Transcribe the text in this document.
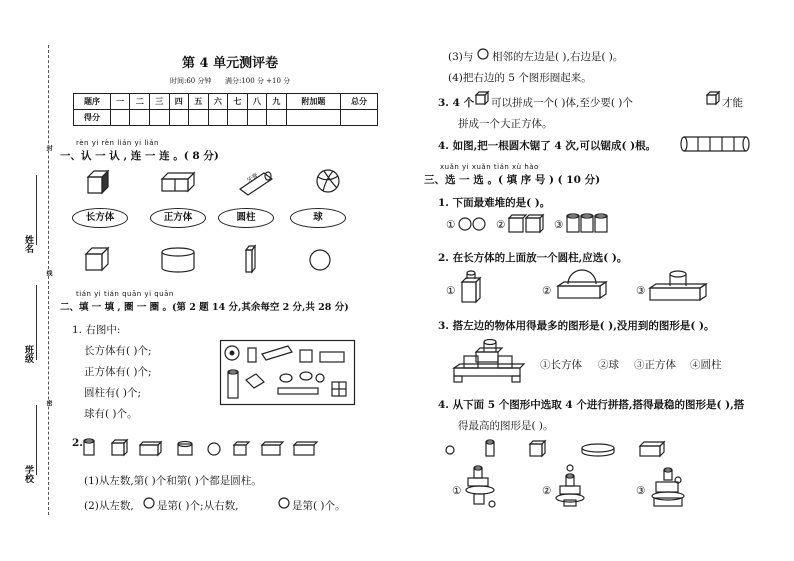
姓名
班级
学校
封
线
密
第 4 单元测评卷
时间:60 分钟 满分:100 分 +10 分
题序	一	二	三	四	五	六	七	八	九	附加题	总分
得分											
rèn yi rèn lián yi lián
一、认 一 认 , 连 一 连 。( 8 分)
牙膏
长方体	正方体	圆柱	球
tián yi tián quān yi quān
二、填 一 填 , 圈 一 圈 。(第 2 题 14 分,其余每空 2 分,共 28 分)
1. 右图中:
长方体有( )个;
正方体有( )个;
圆柱有( )个;
球有( )个。
2.
(1)从左数,第( )个和第( )个都是圆柱。
(2)从左数, 是第( )个;从右数,	是第( )个。
(3)与 相邻的左边是( ),右边是( )。
(4)把右边的 5 个图形圈起来。
3. 4 个 可以拼成一个( )体,至少要( )个	才能
拼成一个大正方体。
4. 如图,把一根圆木锯了 4 次,可以锯成( )根。
xuǎn yi xuǎn tián xù hào
三、选 一 选 。( 填 序 号 ) ( 10 分)
1. 下面最难堆的是( )。
①	②	③
2. 在长方体的上面放一个圆柱,应选( )。
①	②	③
3. 搭左边的物体用得最多的图形是( ),没用到的图形是( )。
①长方体 ②球 ③正方体 ④圆柱
4. 从下面 5 个图形中选取 4 个进行拼搭,搭得最稳的图形是( ),搭
得最高的图形是( )。
①	②	③
